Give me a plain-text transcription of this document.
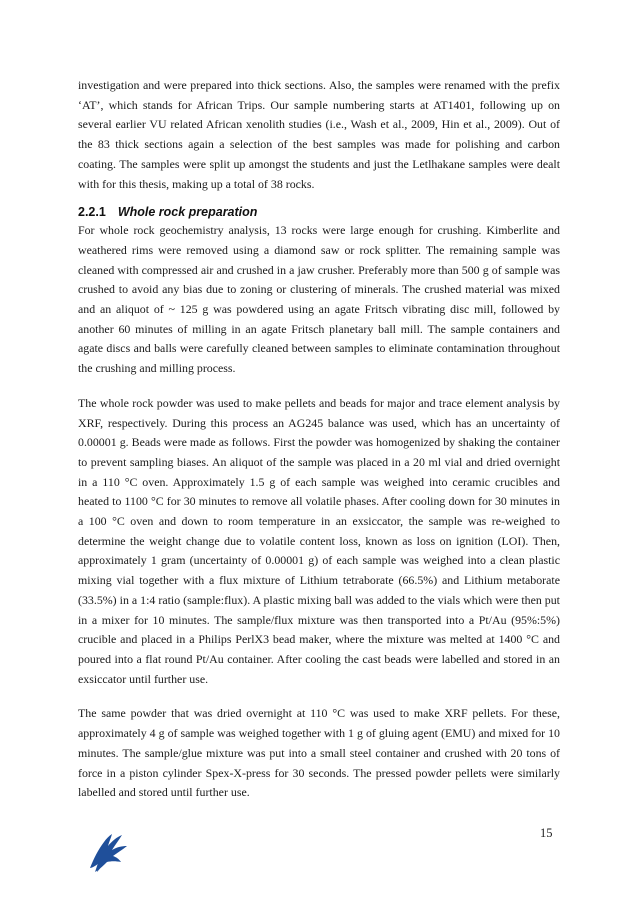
investigation and were prepared into thick sections. Also, the samples were renamed with the prefix ‘AT’, which stands for African Trips. Our sample numbering starts at AT1401, following up on several earlier VU related African xenolith studies (i.e., Wash et al., 2009, Hin et al., 2009). Out of the 83 thick sections again a selection of the best samples was made for polishing and carbon coating. The samples were split up amongst the students and just the Letlhakane samples were dealt with for this thesis, making up a total of 38 rocks.

2.2.1 Whole rock preparation

For whole rock geochemistry analysis, 13 rocks were large enough for crushing. Kimberlite and weathered rims were removed using a diamond saw or rock splitter. The remaining sample was cleaned with compressed air and crushed in a jaw crusher. Preferably more than 500 g of sample was crushed to avoid any bias due to zoning or clustering of minerals. The crushed material was mixed and an aliquot of ~ 125 g was powdered using an agate Fritsch vibrating disc mill, followed by another 60 minutes of milling in an agate Fritsch planetary ball mill. The sample containers and agate discs and balls were carefully cleaned between samples to eliminate contamination throughout the crushing and milling process.

The whole rock powder was used to make pellets and beads for major and trace element analysis by XRF, respectively. During this process an AG245 balance was used, which has an uncertainty of 0.00001 g. Beads were made as follows. First the powder was homogenized by shaking the container to prevent sampling biases. An aliquot of the sample was placed in a 20 ml vial and dried overnight in a 110 °C oven. Approximately 1.5 g of each sample was weighed into ceramic crucibles and heated to 1100 °C for 30 minutes to remove all volatile phases. After cooling down for 30 minutes in a 100 °C oven and down to room temperature in an exsiccator, the sample was re-weighed to determine the weight change due to volatile content loss, known as loss on ignition (LOI). Then, approximately 1 gram (uncertainty of 0.00001 g) of each sample was weighed into a clean plastic mixing vial together with a flux mixture of Lithium tetraborate (66.5%) and Lithium metaborate (33.5%) in a 1:4 ratio (sample:flux). A plastic mixing ball was added to the vials which were then put in a mixer for 10 minutes. The sample/flux mixture was then transported into a Pt/Au (95%:5%) crucible and placed in a Philips PerlX3 bead maker, where the mixture was melted at 1400 °C and poured into a flat round Pt/Au container. After cooling the cast beads were labelled and stored in an exsiccator until further use.

The same powder that was dried overnight at 110 °C was used to make XRF pellets. For these, approximately 4 g of sample was weighed together with 1 g of gluing agent (EMU) and mixed for 10 minutes. The sample/glue mixture was put into a small steel container and crushed with 20 tons of force in a piston cylinder Spex-X-press for 30 seconds. The pressed powder pellets were similarly labelled and stored until further use.

15
